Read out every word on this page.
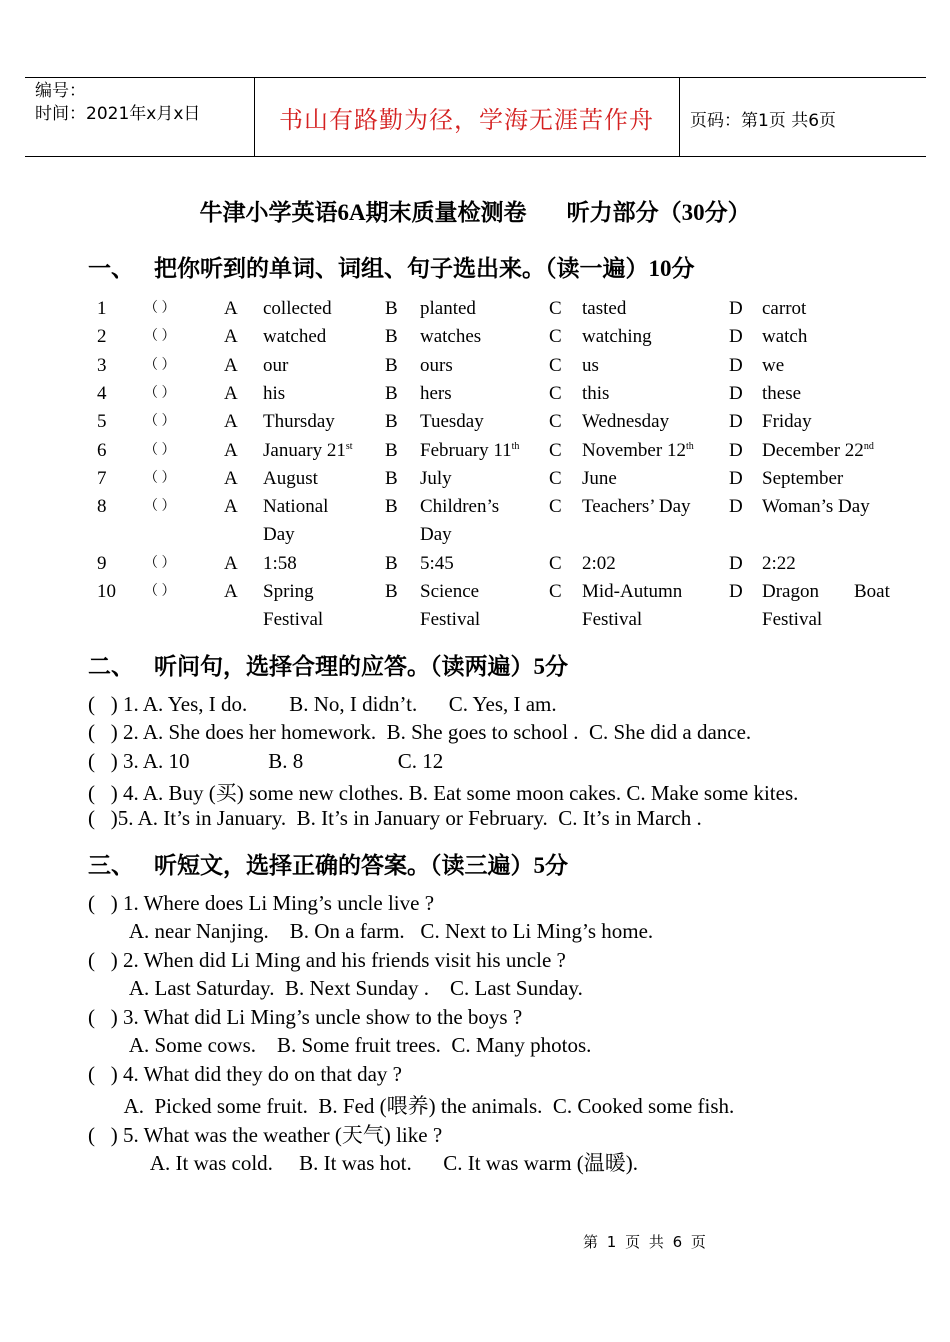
编号：
时间：2021年x月x日	书山有路勤为径，学海无涯苦作舟	页码：第1页 共6页
牛津小学英语6A期末质量检测卷 听力部分（30分）
一、 把你听到的单词、词组、句子选出来。（读一遍）10分
1	（ ）	A collected	B planted	C tasted	D carrot
2	（ ）	A watched	B watches	C watching	D watch
3	（ ）	A our	B ours	C us	D we
4	（ ）	A his	B hers	C this	D these
5	（ ）	A Thursday	B Tuesday	C Wednesday	D Friday
6	（ ）	A January 21st B February 11th C November 12th D December 22nd
7	（ ）	A August	B July	C June	D September
8	（ ）	A National	B Children’s	C Teachers’ Day D Woman’s Day
Day	Day
9	（ ）	A 1:58	B 5:45	C 2:02	D 2:22
10 （ ）	A Spring	B Science	C Mid-Autumn D Dragon Boat
Festival	Festival	Festival	Festival
二、 听问句，选择合理的应答。（读两遍）5分
(   ) 1. A. Yes, I do.        B. No, I didn’t.      C. Yes, I am.
(   ) 2. A. She does her homework.  B. She goes to school .  C. She did a dance.
(   ) 3. A. 10               B. 8                  C. 12
(   ) 4. A. Buy (买) some new clothes. B. Eat some moon cakes. C. Make some kites.
(   )5. A. It’s in January.  B. It’s in January or February.  C. It’s in March .
三、 听短文，选择正确的答案。（读三遍）5分
(   ) 1. Where does Li Ming’s uncle live ?
A. near Nanjing.    B. On a farm.   C. Next to Li Ming’s home.
(   ) 2. When did Li Ming and his friends visit his uncle ?
A. Last Saturday.  B. Next Sunday .    C. Last Sunday.
(   ) 3. What did Li Ming’s uncle show to the boys ?
A. Some cows.    B. Some fruit trees.  C. Many photos.
(   ) 4. What did they do on that day ?
A.  Picked some fruit.  B. Fed (喂养) the animals.  C. Cooked some fish.
(   ) 5. What was the weather (天气) like ?
A. It was cold.     B. It was hot.      C. It was warm (温暖).
第 1 页 共 6 页
